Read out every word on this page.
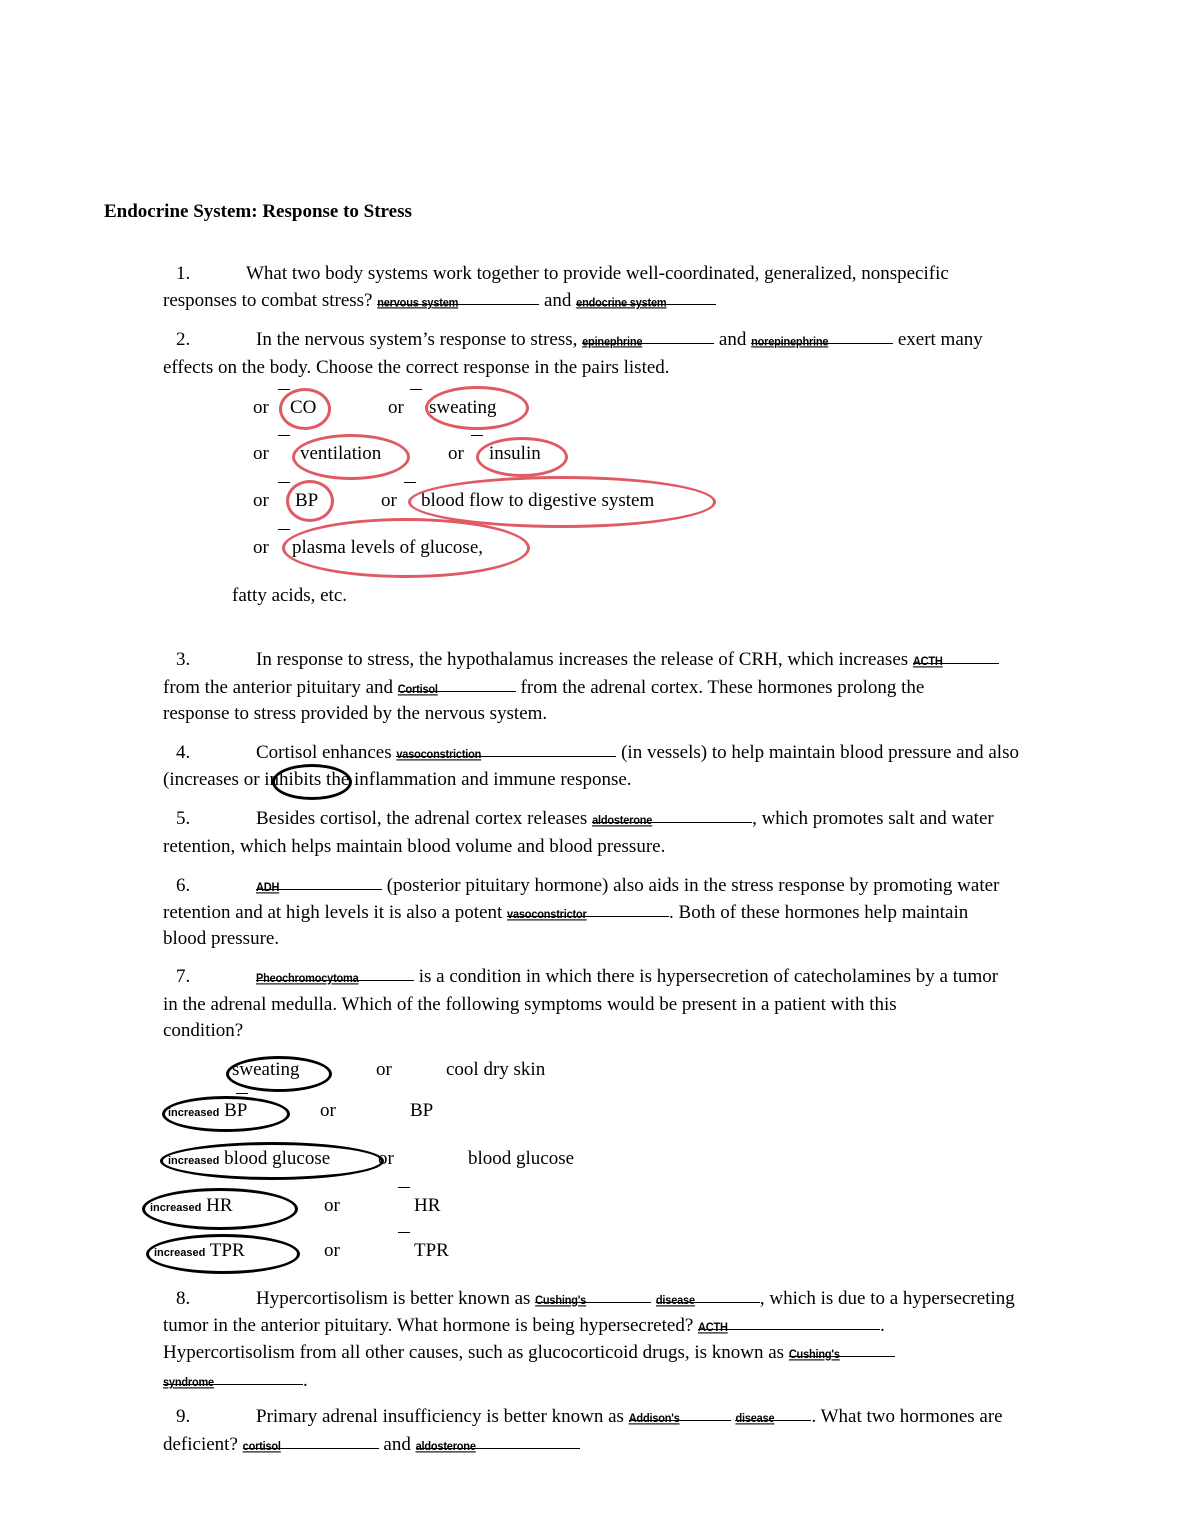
Endocrine System: Response to Stress
1.	What two body systems work together to provide well-coordinated, generalized, nonspecific
responses to combat stress? nervous system	and endocrine system
2.	In the nervous system’s response to stress, epinephrine	and norepinephrine	exert many
effects on the body. Choose the correct response in the pairs listed.
or CO	or sweating
or ventilation	or insulin
or BP	or blood flow to digestive system
or plasma levels of glucose,
fatty acids, etc.
3.	In response to stress, the hypothalamus increases the release of CRH, which increases ACTH
from the anterior pituitary and Cortisol	from the adrenal cortex. These hormones prolong the
response to stress provided by the nervous system.
4.	Cortisol enhances vasoconstriction	(in vessels) to help maintain blood pressure and also
(increases or inhibits the inflammation and immune response.
5.	Besides cortisol, the adrenal cortex releases aldosterone	, which promotes salt and water
retention, which helps maintain blood volume and blood pressure.
6.	ADH	(posterior pituitary hormone) also aids in the stress response by promoting water
retention and at high levels it is also a potent vasoconstrictor	. Both of these hormones help maintain
blood pressure.
7.	Pheochromocytoma	is a condition in which there is hypersecretion of catecholamines by a tumor
in the adrenal medulla. Which of the following symptoms would be present in a patient with this
condition?
sweating	or	cool dry skin
increased BP	or	BP
increased blood glucose	or	blood glucose
increased HR	or	HR
increased TPR	or	TPR
8.	Hypercortisolism is better known as Cushing's	disease	, which is due to a hypersecreting
tumor in the anterior pituitary. What hormone is being hypersecreted? ACTH	.
Hypercortisolism from all other causes, such as glucocorticoid drugs, is known as Cushing's
syndrome	.
9.	Primary adrenal insufficiency is better known as Addison's	disease . What two hormones are
deficient? cortisol	and aldosterone
